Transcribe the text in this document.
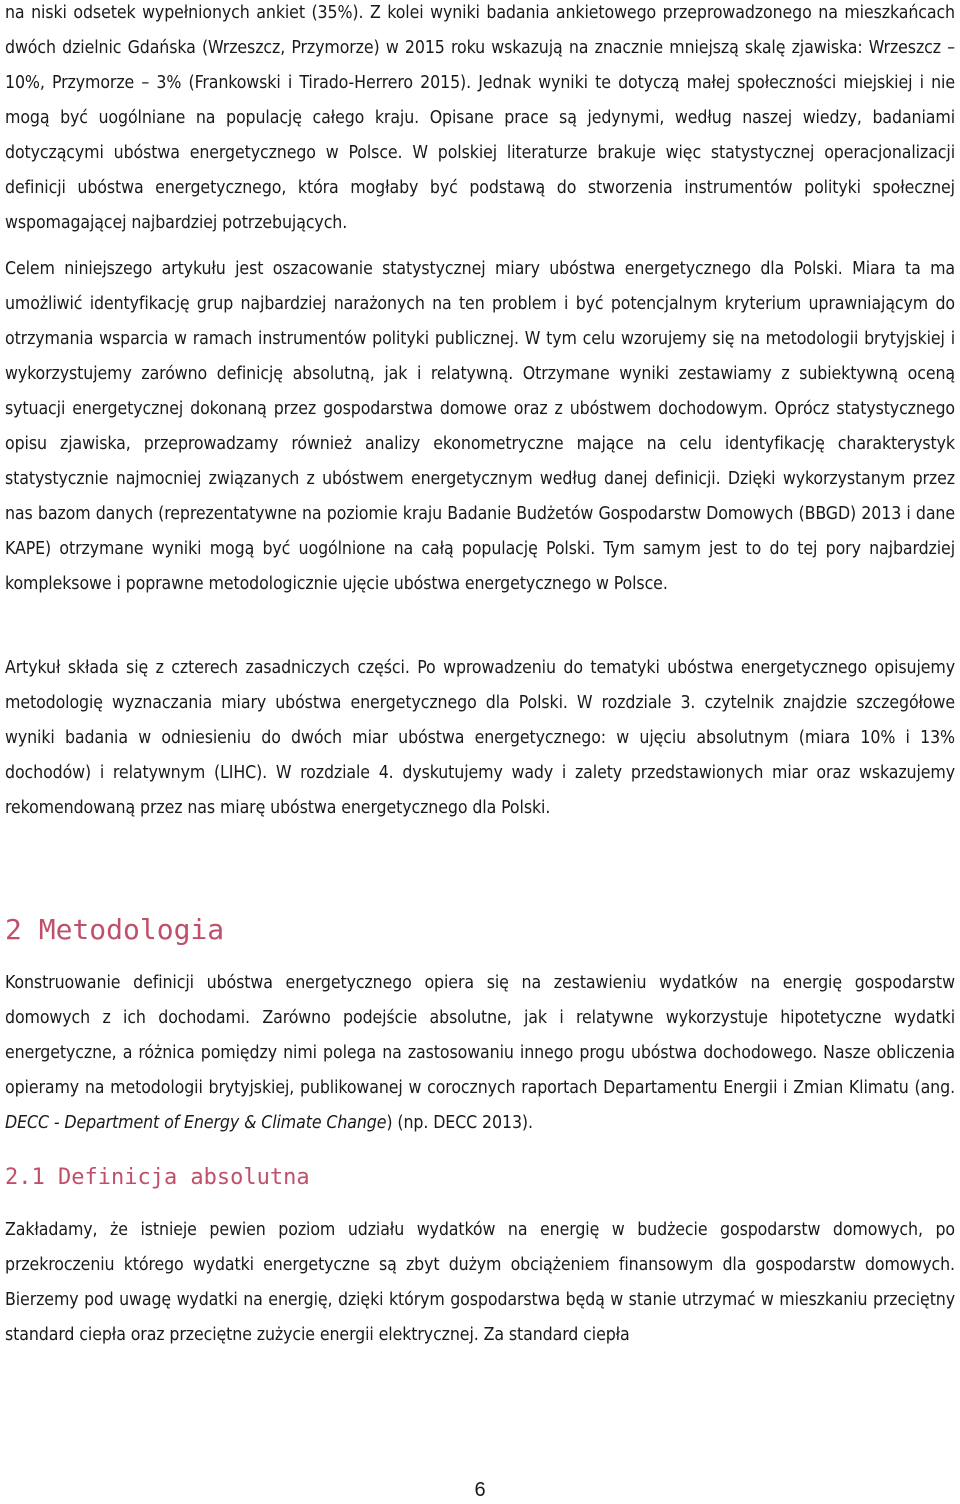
na niski odsetek wypełnionych ankiet (35%). Z kolei wyniki badania ankietowego przeprowadzonego na mieszkańcach dwóch dzielnic Gdańska (Wrzeszcz, Przymorze) w 2015 roku wskazują na znacznie mniejszą skalę zjawiska: Wrzeszcz – 10%, Przymorze – 3% (Frankowski i Tirado-Herrero 2015). Jednak wyniki te dotyczą małej społeczności miejskiej i nie mogą być uogólniane na populację całego kraju. Opisane prace są jedynymi, według naszej wiedzy, badaniami dotyczącymi ubóstwa energetycznego w Polsce. W polskiej literaturze brakuje więc statystycznej operacjonalizacji definicji ubóstwa energetycznego, która mogłaby być podstawą do stworzenia instrumentów polityki społecznej wspomagającej najbardziej potrzebujących.

Celem niniejszego artykułu jest oszacowanie statystycznej miary ubóstwa energetycznego dla Polski. Miara ta ma umożliwić identyfikację grup najbardziej narażonych na ten problem i być potencjalnym kryterium uprawniającym do otrzymania wsparcia w ramach instrumentów polityki publicznej. W tym celu wzorujemy się na metodologii brytyjskiej i wykorzystujemy zarówno definicję absolutną, jak i relatywną. Otrzymane wyniki zestawiamy z subiektywną oceną sytuacji energetycznej dokonaną przez gospodarstwa domowe oraz z ubóstwem dochodowym. Oprócz statystycznego opisu zjawiska, przeprowadzamy również analizy ekonometryczne mające na celu identyfikację charakterystyk statystycznie najmocniej związanych z ubóstwem energetycznym według danej definicji. Dzięki wykorzystanym przez nas bazom danych (reprezentatywne na poziomie kraju Badanie Budżetów Gospodarstw Domowych (BBGD) 2013 i dane KAPE) otrzymane wyniki mogą być uogólnione na całą populację Polski. Tym samym jest to do tej pory najbardziej kompleksowe i poprawne metodologicznie ujęcie ubóstwa energetycznego w Polsce.

Artykuł składa się z czterech zasadniczych części. Po wprowadzeniu do tematyki ubóstwa energetycznego opisujemy metodologię wyznaczania miary ubóstwa energetycznego dla Polski. W rozdziale 3. czytelnik znajdzie szczegółowe wyniki badania w odniesieniu do dwóch miar ubóstwa energetycznego: w ujęciu absolutnym (miara 10% i 13% dochodów) i relatywnym (LIHC). W rozdziale 4. dyskutujemy wady i zalety przedstawionych miar oraz wskazujemy rekomendowaną przez nas miarę ubóstwa energetycznego dla Polski.

2 Metodologia

Konstruowanie definicji ubóstwa energetycznego opiera się na zestawieniu wydatków na energię gospodarstw domowych z ich dochodami. Zarówno podejście absolutne, jak i relatywne wykorzystuje hipotetyczne wydatki energetyczne, a różnica pomiędzy nimi polega na zastosowaniu innego progu ubóstwa dochodowego. Nasze obliczenia opieramy na metodologii brytyjskiej, publikowanej w corocznych raportach Departamentu Energii i Zmian Klimatu (ang. DECC - Department of Energy & Climate Change) (np. DECC 2013).

2.1 Definicja absolutna

Zakładamy, że istnieje pewien poziom udziału wydatków na energię w budżecie gospodarstw domowych, po przekroczeniu którego wydatki energetyczne są zbyt dużym obciążeniem finansowym dla gospodarstw domowych. Bierzemy pod uwagę wydatki na energię, dzięki którym gospodarstwa będą w stanie utrzymać w mieszkaniu przeciętny standard ciepła oraz przeciętne zużycie energii elektrycznej. Za standard ciepła

6
